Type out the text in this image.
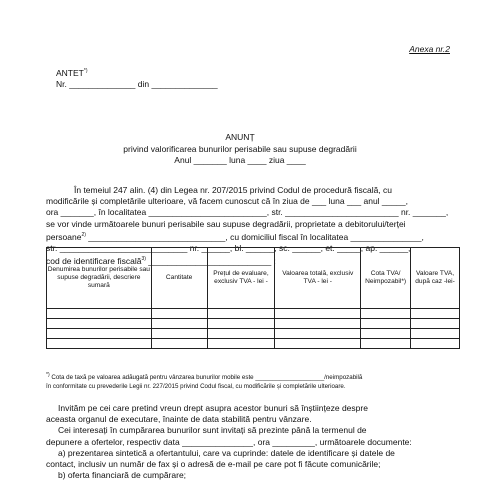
Anexa nr.2
ANTET*)
Nr. ______________ din ______________
ANUNȚ
privind valorificarea bunurilor perisabile sau supuse degradării
Anul _______ luna ____ ziua ____
În temeiul 247 alin. (4) din Legea nr. 207/2015 privind Codul de procedură fiscală, cu
modificările și completările ulterioare, vă facem cunoscut că în ziua de ___ luna ___ anul _____,
ora _______, în localitatea _________________________, str. ________________________ nr. _______,
se vor vinde următoarele bunuri perisabile sau supuse degradării, proprietate a debitorului/terței
persoane$^{2)}$ _____________________________, cu domiciliul fiscal în localitatea _______________,
str. ___________________________ nr. ______, bl. ______, sc. ______, et. _____, ap. ______,
cod de identificare fiscală$^{3)}$ __________________________ :
Denumirea bunurilor perisabile sau supuse degradării, descriere sumară	Cantitate	Prețul de evaluare, exclusiv TVA - lei -	Valoarea totală, exclusiv TVA - lei -	Cota TVA/ Neimpozabil*)	Valoare TVA, după caz -lei-

*) Cota de taxă pe valoarea adăugată pentru vânzarea bunurilor mobile este ____________________/neimpozabilă
în conformitate cu prevederile Legii nr. 227/2015 privind Codul fiscal, cu modificările și completările ulterioare.
Invităm pe cei care pretind vreun drept asupra acestor bunuri să înștiințeze despre
aceasta organul de executare, înainte de data stabilită pentru vânzare.
Cei interesați în cumpărarea bunurilor sunt invitați să prezinte până la termenul de
depunere a ofertelor, respectiv data _______________, ora _________, următoarele documente:
a) prezentarea sintetică a ofertantului, care va cuprinde: datele de identificare și datele de
contact, inclusiv un număr de fax și o adresă de e-mail pe care pot fi făcute comunicările;
b) oferta financiară de cumpărare;
